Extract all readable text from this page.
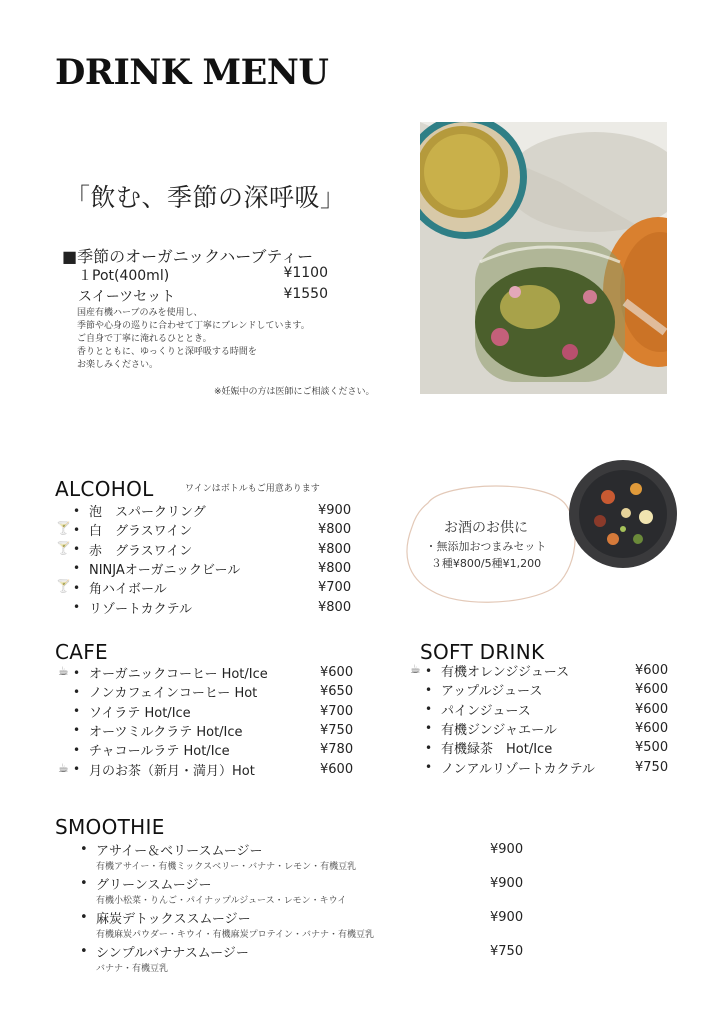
DRINK MENU
「飲む、季節の深呼吸」
■季節のオーガニックハーブティー
１Pot(400ml)	¥1100
スイーツセット	¥1550
国産有機ハーブのみを使用し、
季節や心身の巡りに合わせて丁寧にブレンドしています。
ご自身で丁寧に淹れるひととき。
香りとともに、ゆっくりと深呼吸する時間を
お楽しみください。
※妊娠中の方は医師にご相談ください。
ALCOHOL	ワインはボトルもご用意あります
• 泡　スパークリング	¥900
🍸 • 白　グラスワイン	¥800
🍸 • 赤　グラスワイン	¥800
• NINJAオーガニックビール	¥800
🍸 • 角ハイボール	¥700
• リゾートカクテル	¥800
お酒のお供に
・無添加おつまみセット
３種¥800/5種¥1,200
CAFE
☕ • オーガニックコーヒー Hot/Ice	¥600
• ノンカフェインコーヒー Hot	¥650
• ソイラテ Hot/Ice	¥700
• オーツミルクラテ Hot/Ice	¥750
• チャコールラテ Hot/Ice	¥780
☕ • 月のお茶（新月・満月）Hot	¥600
SOFT DRINK
☕ • 有機オレンジジュース	¥600
• アップルジュース	¥600
• パインジュース	¥600
• 有機ジンジャエール	¥600
• 有機緑茶　Hot/Ice	¥500
• ノンアルリゾートカクテル	¥750
SMOOTHIE
• アサイー＆ベリースムージー	¥900
有機アサイー・有機ミックスベリー・バナナ・レモン・有機豆乳
• グリーンスムージー	¥900
有機小松菜・りんご・パイナップルジュース・レモン・キウイ
• 麻炭デトックススムージー	¥900
有機麻炭パウダー・キウイ・有機麻炭プロテイン・バナナ・有機豆乳
• シンプルバナナスムージー	¥750
バナナ・有機豆乳
